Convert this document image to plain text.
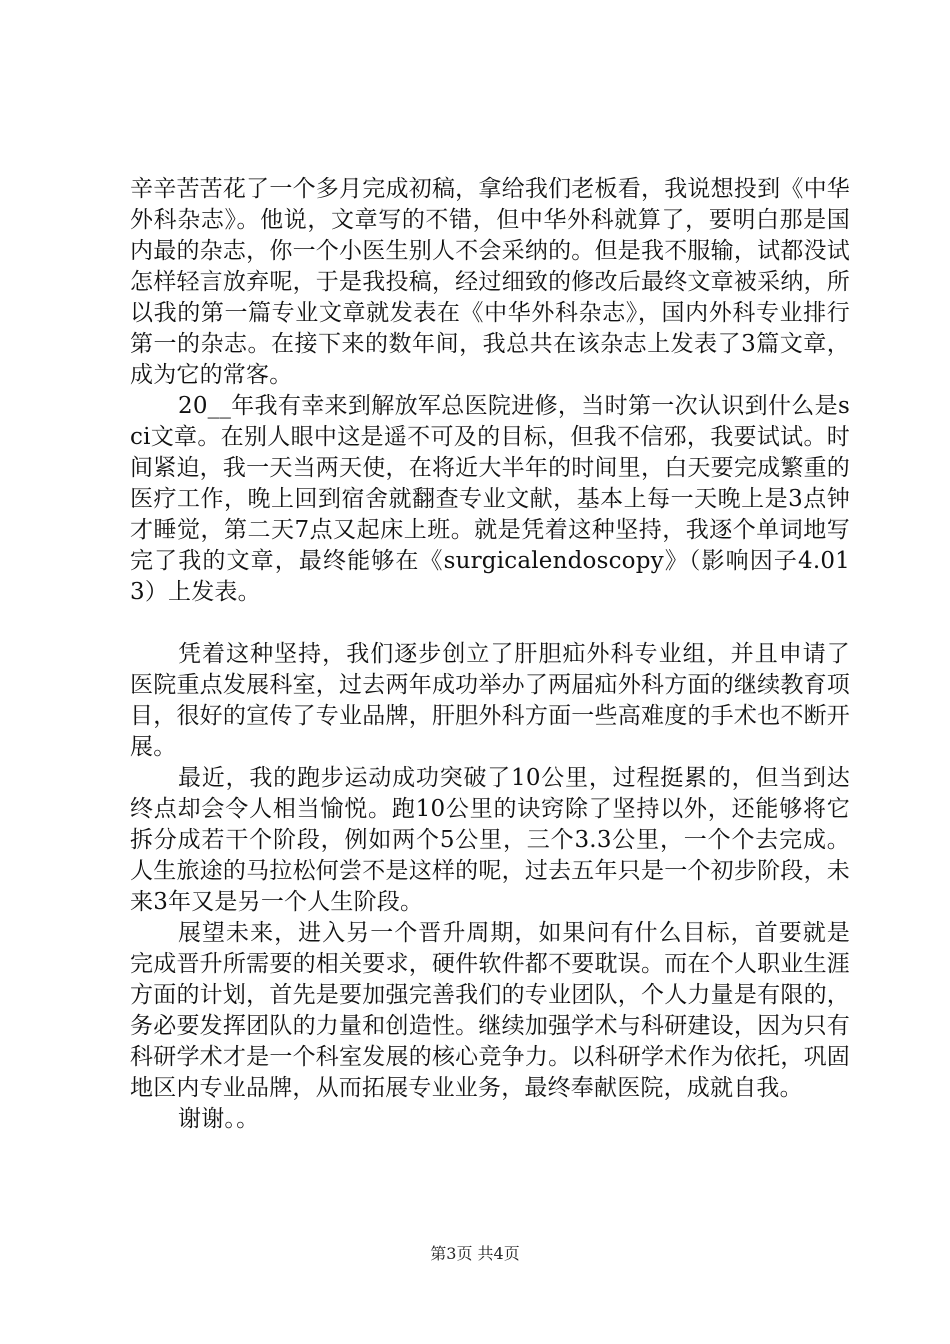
辛辛苦苦花了一个多月完成初稿，拿给我们老板看，我说想投到《中华外科杂志》。他说，文章写的不错，但中华外科就算了，要明白那是国内最的杂志，你一个小医生别人不会采纳的。但是我不服输，试都没试怎样轻言放弃呢，于是我投稿，经过细致的修改后最终文章被采纳，所以我的第一篇专业文章就发表在《中华外科杂志》，国内外科专业排行第一的杂志。在接下来的数年间，我总共在该杂志上发表了3篇文章，成为它的常客。

20__年我有幸来到解放军总医院进修，当时第一次认识到什么是sci文章。在别人眼中这是遥不可及的目标，但我不信邪，我要试试。时间紧迫，我一天当两天使，在将近大半年的时间里，白天要完成繁重的医疗工作，晚上回到宿舍就翻查专业文献，基本上每一天晚上是3点钟才睡觉，第二天7点又起床上班。就是凭着这种坚持，我逐个单词地写完了我的文章，最终能够在《surgicalendoscopy》（影响因子4.013）上发表。

凭着这种坚持，我们逐步创立了肝胆疝外科专业组，并且申请了医院重点发展科室，过去两年成功举办了两届疝外科方面的继续教育项目，很好的宣传了专业品牌，肝胆外科方面一些高难度的手术也不断开展。

最近，我的跑步运动成功突破了10公里，过程挺累的，但当到达终点却会令人相当愉悦。跑10公里的诀窍除了坚持以外，还能够将它拆分成若干个阶段，例如两个5公里，三个3.3公里，一个个去完成。人生旅途的马拉松何尝不是这样的呢，过去五年只是一个初步阶段，未来3年又是另一个人生阶段。

展望未来，进入另一个晋升周期，如果问有什么目标，首要就是完成晋升所需要的相关要求，硬件软件都不要耽误。而在个人职业生涯方面的计划，首先是要加强完善我们的专业团队，个人力量是有限的，务必要发挥团队的力量和创造性。继续加强学术与科研建设，因为只有科研学术才是一个科室发展的核心竞争力。以科研学术作为依托，巩固地区内专业品牌，从而拓展专业业务，最终奉献医院，成就自我。

谢谢。。

第3页 共4页
